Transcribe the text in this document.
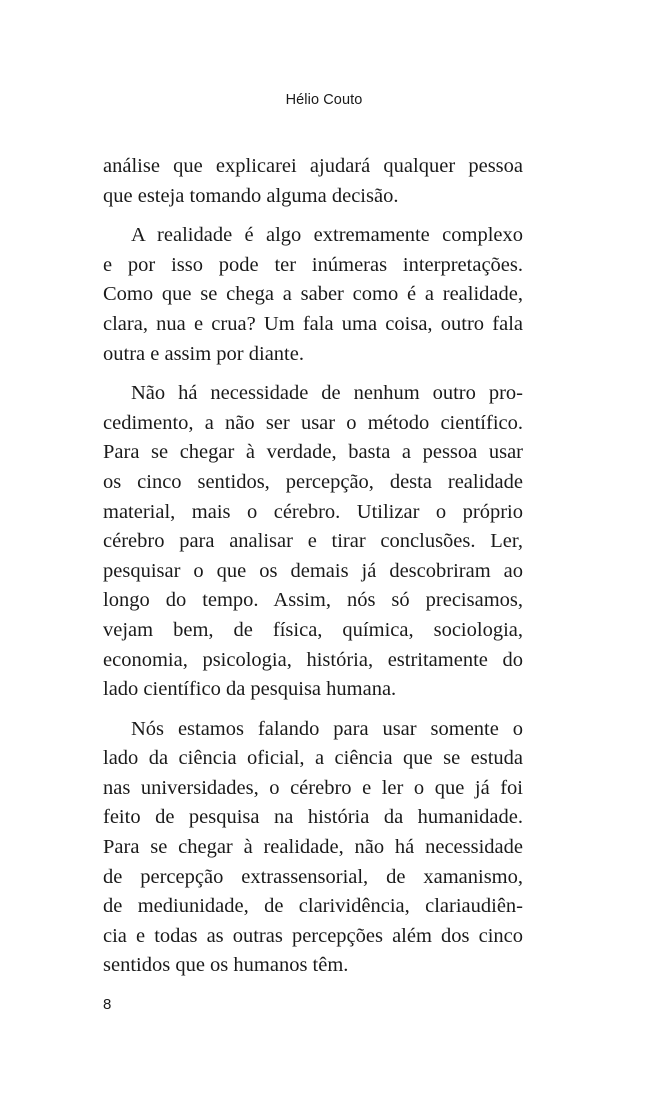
Hélio Couto
análise que explicarei ajudará qualquer pessoa
que esteja tomando alguma decisão.
A realidade é algo extremamente complexo
e por isso pode ter inúmeras interpretações.
Como que se chega a saber como é a realidade,
clara, nua e crua? Um fala uma coisa, outro fala
outra e assim por diante.
Não há necessidade de nenhum outro pro-
cedimento, a não ser usar o método científico.
Para se chegar à verdade, basta a pessoa usar
os cinco sentidos, percepção, desta realidade
material, mais o cérebro. Utilizar o próprio
cérebro para analisar e tirar conclusões. Ler,
pesquisar o que os demais já descobriram ao
longo do tempo. Assim, nós só precisamos,
vejam bem, de física, química, sociologia,
economia, psicologia, história, estritamente do
lado científico da pesquisa humana.
Nós estamos falando para usar somente o
lado da ciência oficial, a ciência que se estuda
nas universidades, o cérebro e ler o que já foi
feito de pesquisa na história da humanidade.
Para se chegar à realidade, não há necessidade
de percepção extrassensorial, de xamanismo,
de mediunidade, de clarividência, clariaudiên-
cia e todas as outras percepções além dos cinco
sentidos que os humanos têm.
8
